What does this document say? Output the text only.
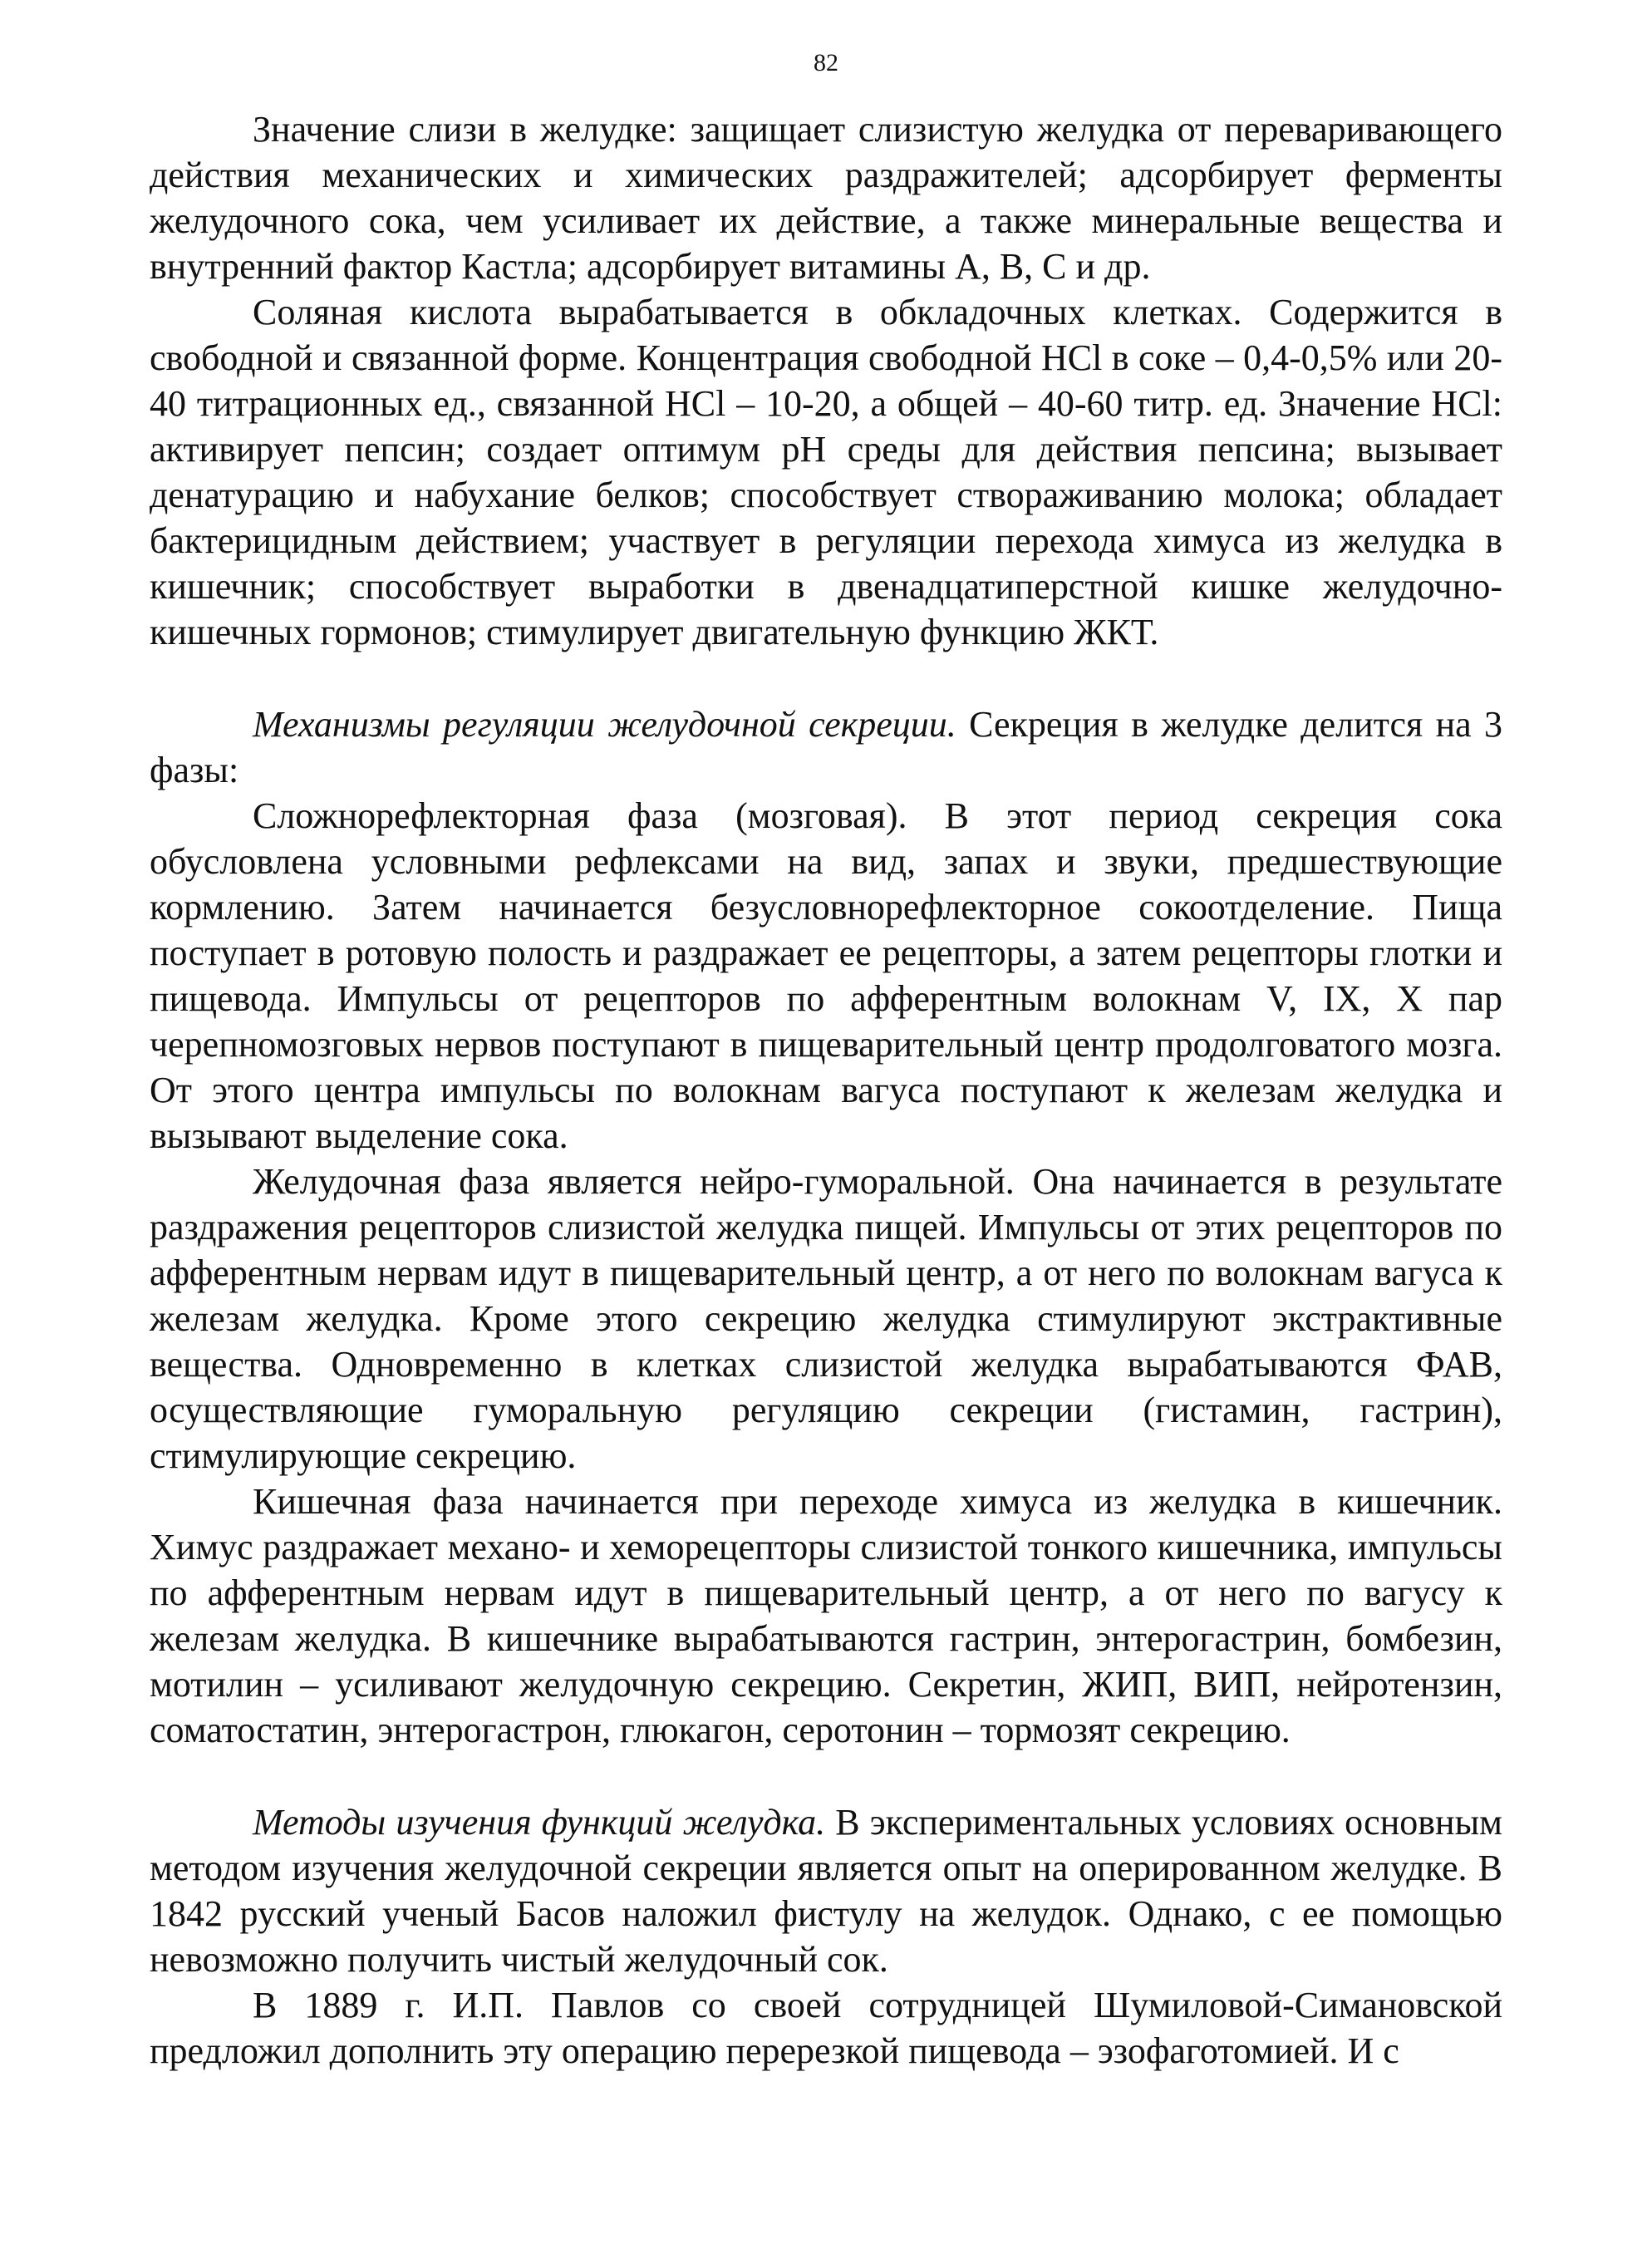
82

Значение слизи в желудке: защищает слизистую желудка от переваривающего действия механических и химических раздражителей; адсорбирует ферменты желудочного сока, чем усиливает их действие, а также минеральные вещества и внутренний фактор Кастла; адсорбирует витамины А, В, С и др.

Соляная кислота вырабатывается в обкладочных клетках. Содержится в свободной и связанной форме. Концентрация свободной HCl в соке – 0,4-0,5% или 20-40 титрационных ед., связанной HCl – 10-20, а общей – 40-60 титр. ед. Значение HCl: активирует пепсин; создает оптимум pH среды для действия пепсина; вызывает денатурацию и набухание белков; способствует створаживанию молока; обладает бактерицидным действием; участвует в регуляции перехода химуса из желудка в кишечник; способствует выработки в двенадцатиперстной кишке желудочно-кишечных гормонов; стимулирует двигательную функцию ЖКТ.

Механизмы регуляции желудочной секреции. Секреция в желудке делится на 3 фазы:

Сложнорефлекторная фаза (мозговая). В этот период секреция сока обусловлена условными рефлексами на вид, запах и звуки, предшествующие кормлению. Затем начинается безусловнорефлекторное сокоотделение. Пища поступает в ротовую полость и раздражает ее рецепторы, а затем рецепторы глотки и пищевода. Импульсы от рецепторов по афферентным волокнам V, IX, X пар черепномозговых нервов поступают в пищеварительный центр продолговатого мозга. От этого центра импульсы по волокнам вагуса поступают к железам желудка и вызывают выделение сока.

Желудочная фаза является нейро-гуморальной. Она начинается в результате раздражения рецепторов слизистой желудка пищей. Импульсы от этих рецепторов по афферентным нервам идут в пищеварительный центр, а от него по волокнам вагуса к железам желудка. Кроме этого секрецию желудка стимулируют экстрактивные вещества. Одновременно в клетках слизистой желудка вырабатываются ФАВ, осуществляющие гуморальную регуляцию секреции (гистамин, гастрин), стимулирующие секрецию.

Кишечная фаза начинается при переходе химуса из желудка в кишечник. Химус раздражает механо- и хеморецепторы слизистой тонкого кишечника, импульсы по афферентным нервам идут в пищеварительный центр, а от него по вагусу к железам желудка. В кишечнике вырабатываются гастрин, энтерогастрин, бомбезин, мотилин – усиливают желудочную секрецию. Секретин, ЖИП, ВИП, нейротензин, соматостатин, энтерогастрон, глюкагон, серотонин – тормозят секрецию.

Методы изучения функций желудка. В экспериментальных условиях основным методом изучения желудочной секреции является опыт на оперированном желудке. В 1842 русский ученый Басов наложил фистулу на желудок. Однако, с ее помощью невозможно получить чистый желудочный сок.

В 1889 г. И.П. Павлов со своей сотрудницей Шумиловой-Симановской предложил дополнить эту операцию перерезкой пищевода – эзофаготомией. И с
